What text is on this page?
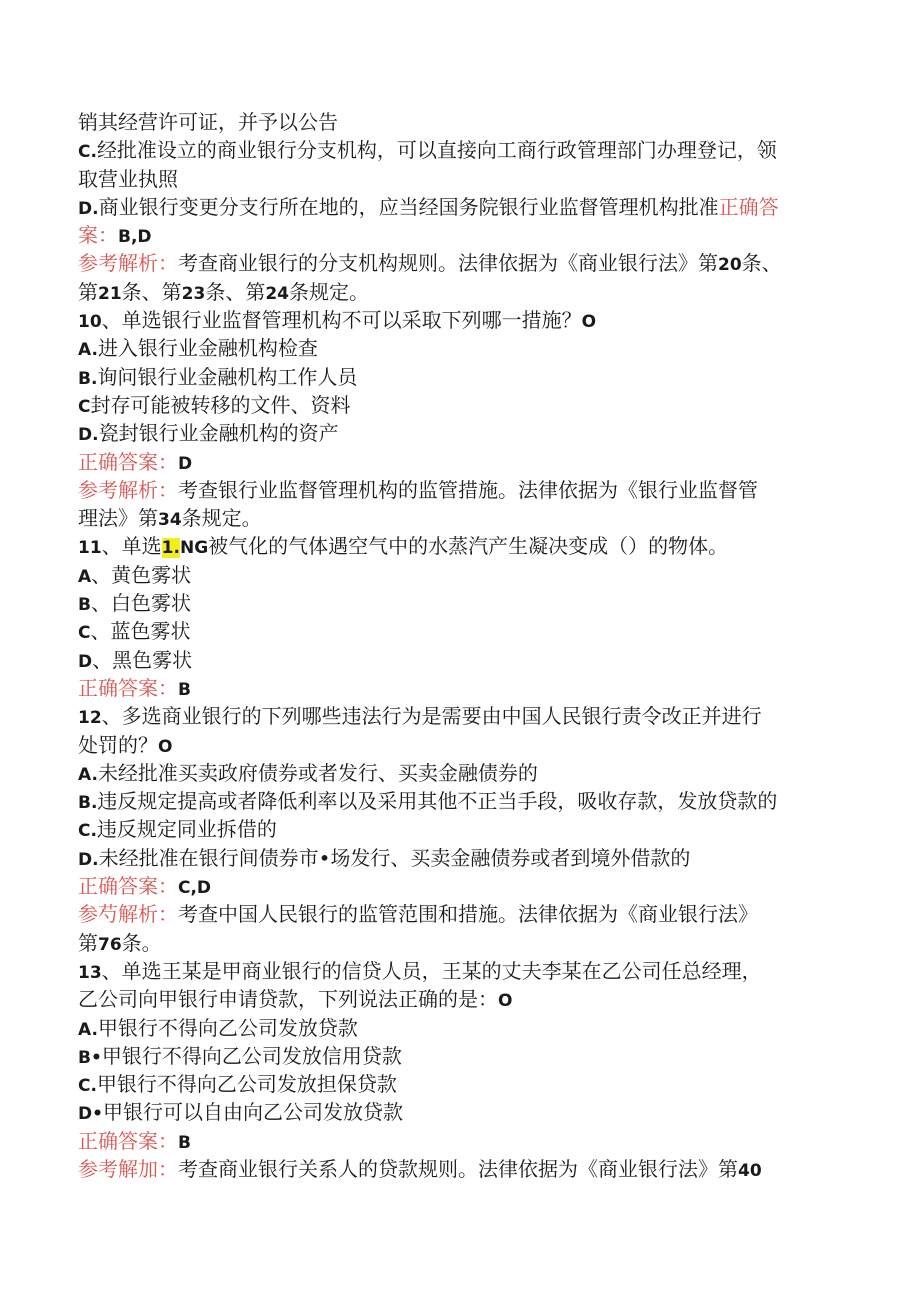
销其经营许可证，并予以公告
C.经批准设立的商业银行分支机构，可以直接向工商行政管理部门办理登记，领
取营业执照
D.商业银行变更分支行所在地的，应当经国务院银行业监督管理机构批准正确答
案：B,D
参考解析：考查商业银行的分支机构规则。法律依据为《商业银行法》第20条、
第21条、第23条、第24条规定。
10、单选银行业监督管理机构不可以采取下列哪一措施？O
A.进入银行业金融机构检查
B.询问银行业金融机构工作人员
C封存可能被转移的文件、资料
D.瓷封银行业金融机构的资产
正确答案：D
参考解析：考查银行业监督管理机构的监管措施。法律依据为《银行业监督管
理法》第34条规定。
11、单选1.NG被气化的气体遇空气中的水蒸汽产生凝决变成（）的物体。
A、黄色雾状
B、白色雾状
C、蓝色雾状
D、黑色雾状
正确答案：B
12、多选商业银行的下列哪些违法行为是需要由中国人民银行责令改正并进行
处罚的？O
A.未经批准买卖政府债券或者发行、买卖金融债券的
B.违反规定提高或者降低利率以及采用其他不正当手段，吸收存款，发放贷款的
C.违反规定同业拆借的
D.未经批准在银行间债券市•场发行、买卖金融债券或者到境外借款的
正确答案：C,D
参芍解析：考查中国人民银行的监管范围和措施。法律依据为《商业银行法》
第76条。
13、单选王某是甲商业银行的信贷人员，王某的丈夫李某在乙公司任总经理，
乙公司向甲银行申请贷款，下列说法正确的是：O
A.甲银行不得向乙公司发放贷款
B•甲银行不得向乙公司发放信用贷款
C.甲银行不得向乙公司发放担保贷款
D•甲银行可以自由向乙公司发放贷款
正确答案：B
参考解加：考查商业银行关系人的贷款规则。法律依据为《商业银行法》第40
